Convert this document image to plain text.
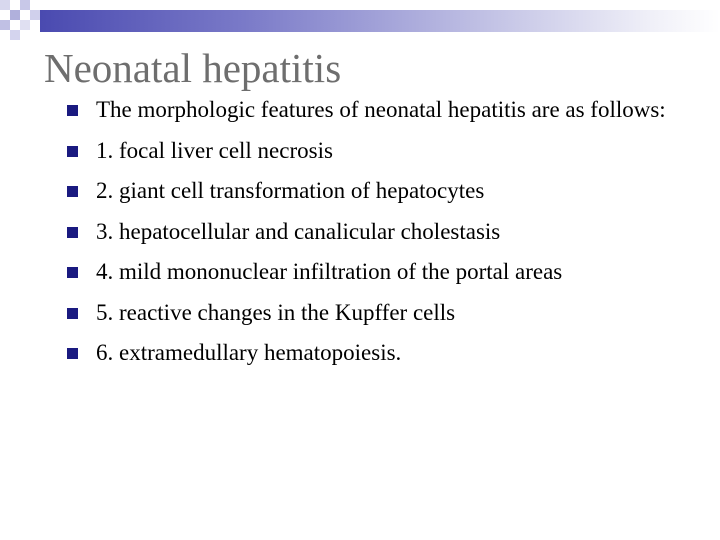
Neonatal hepatitis
The morphologic features of neonatal hepatitis are as follows:
1. focal liver cell necrosis
2. giant cell transformation of hepatocytes
3. hepatocellular and canalicular cholestasis
4. mild mononuclear infiltration of the portal areas
5. reactive changes in the Kupffer cells
6. extramedullary hematopoiesis.
